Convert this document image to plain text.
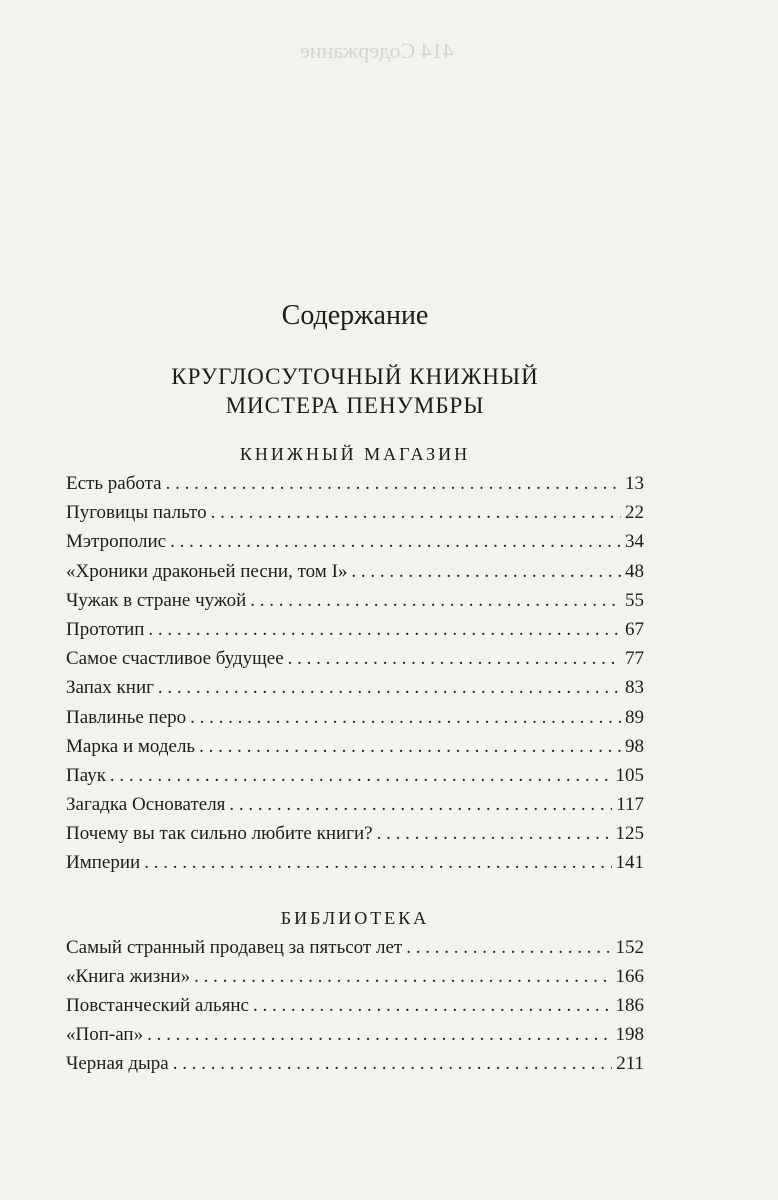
414 Содержание
Содержание
КРУГЛОСУТОЧНЫЙ КНИЖНЫЙ
МИСТЕРА ПЕНУМБРЫ
КНИЖНЫЙ МАГАЗИН
Есть работа . . .	13
Пуговицы пальто . . .	22
Мэтрополис . . .	34
«Хроники драконьей песни, том I» . . .	48
Чужак в стране чужой . . .	55
Прототип . . .	67
Самое счастливое будущее . . .	77
Запах книг . . .	83
Павлинье перо . . .	89
Марка и модель . . .	98
Паук . . .	105
Загадка Основателя . . .	117
Почему вы так сильно любите книги? . . .	125
Империи . . .	141
БИБЛИОТЕКА
Самый странный продавец за пятьсот лет . . .	152
«Книга жизни» . . .	166
Повстанческий альянс . . .	186
«Поп-ап» . . .	198
Черная дыра . . .	211
